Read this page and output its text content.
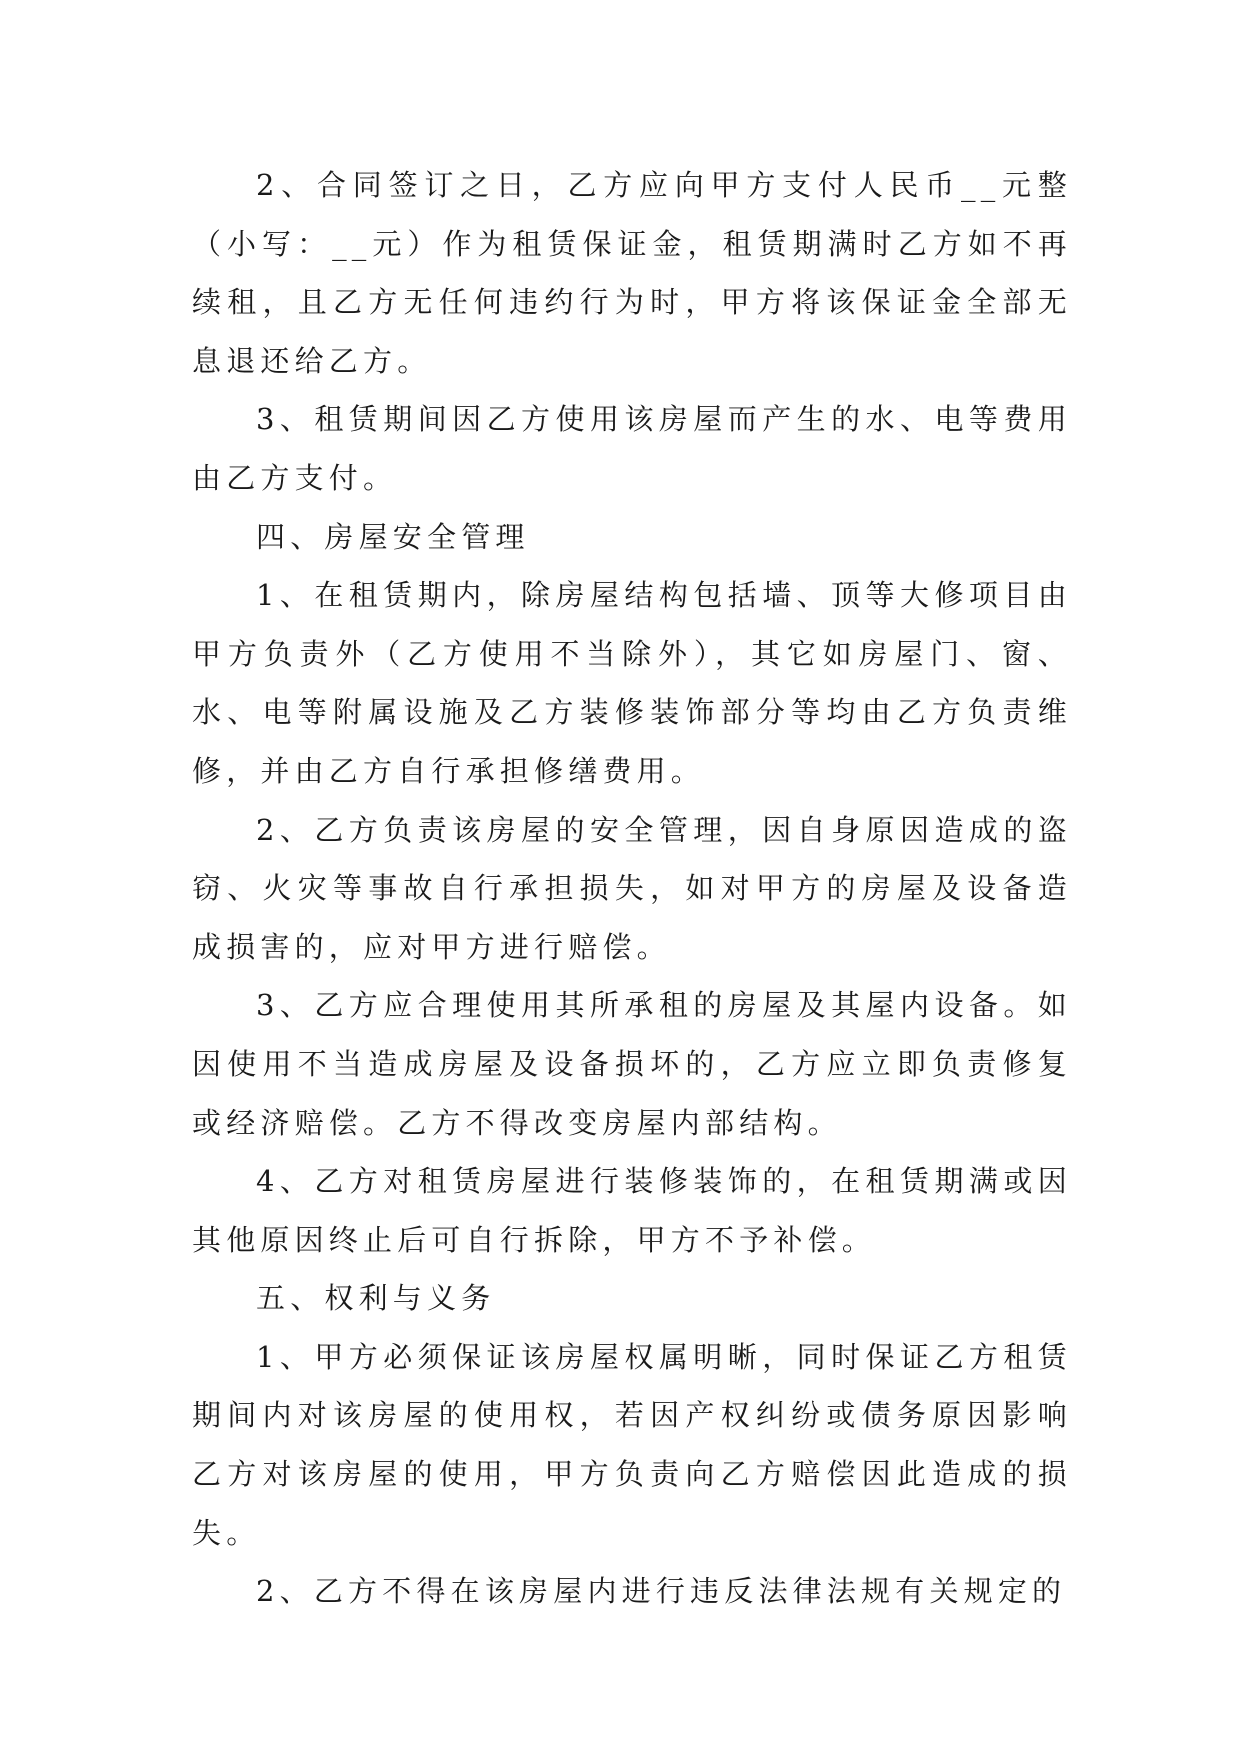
2、合同签订之日，乙方应向甲方支付人民币__元整（小写：__元）作为租赁保证金，租赁期满时乙方如不再续租，且乙方无任何违约行为时，甲方将该保证金全部无息退还给乙方。

3、租赁期间因乙方使用该房屋而产生的水、电等费用由乙方支付。

四、房屋安全管理

1、在租赁期内，除房屋结构包括墙、顶等大修项目由甲方负责外（乙方使用不当除外），其它如房屋门、窗、水、电等附属设施及乙方装修装饰部分等均由乙方负责维修，并由乙方自行承担修缮费用。

2、乙方负责该房屋的安全管理，因自身原因造成的盗窃、火灾等事故自行承担损失，如对甲方的房屋及设备造成损害的，应对甲方进行赔偿。

3、乙方应合理使用其所承租的房屋及其屋内设备。如因使用不当造成房屋及设备损坏的，乙方应立即负责修复或经济赔偿。乙方不得改变房屋内部结构。

4、乙方对租赁房屋进行装修装饰的，在租赁期满或因其他原因终止后可自行拆除，甲方不予补偿。

五、权利与义务

1、甲方必须保证该房屋权属明晰，同时保证乙方租赁期间内对该房屋的使用权，若因产权纠纷或债务原因影响乙方对该房屋的使用，甲方负责向乙方赔偿因此造成的损失。

2、乙方不得在该房屋内进行违反法律法规有关规定的
